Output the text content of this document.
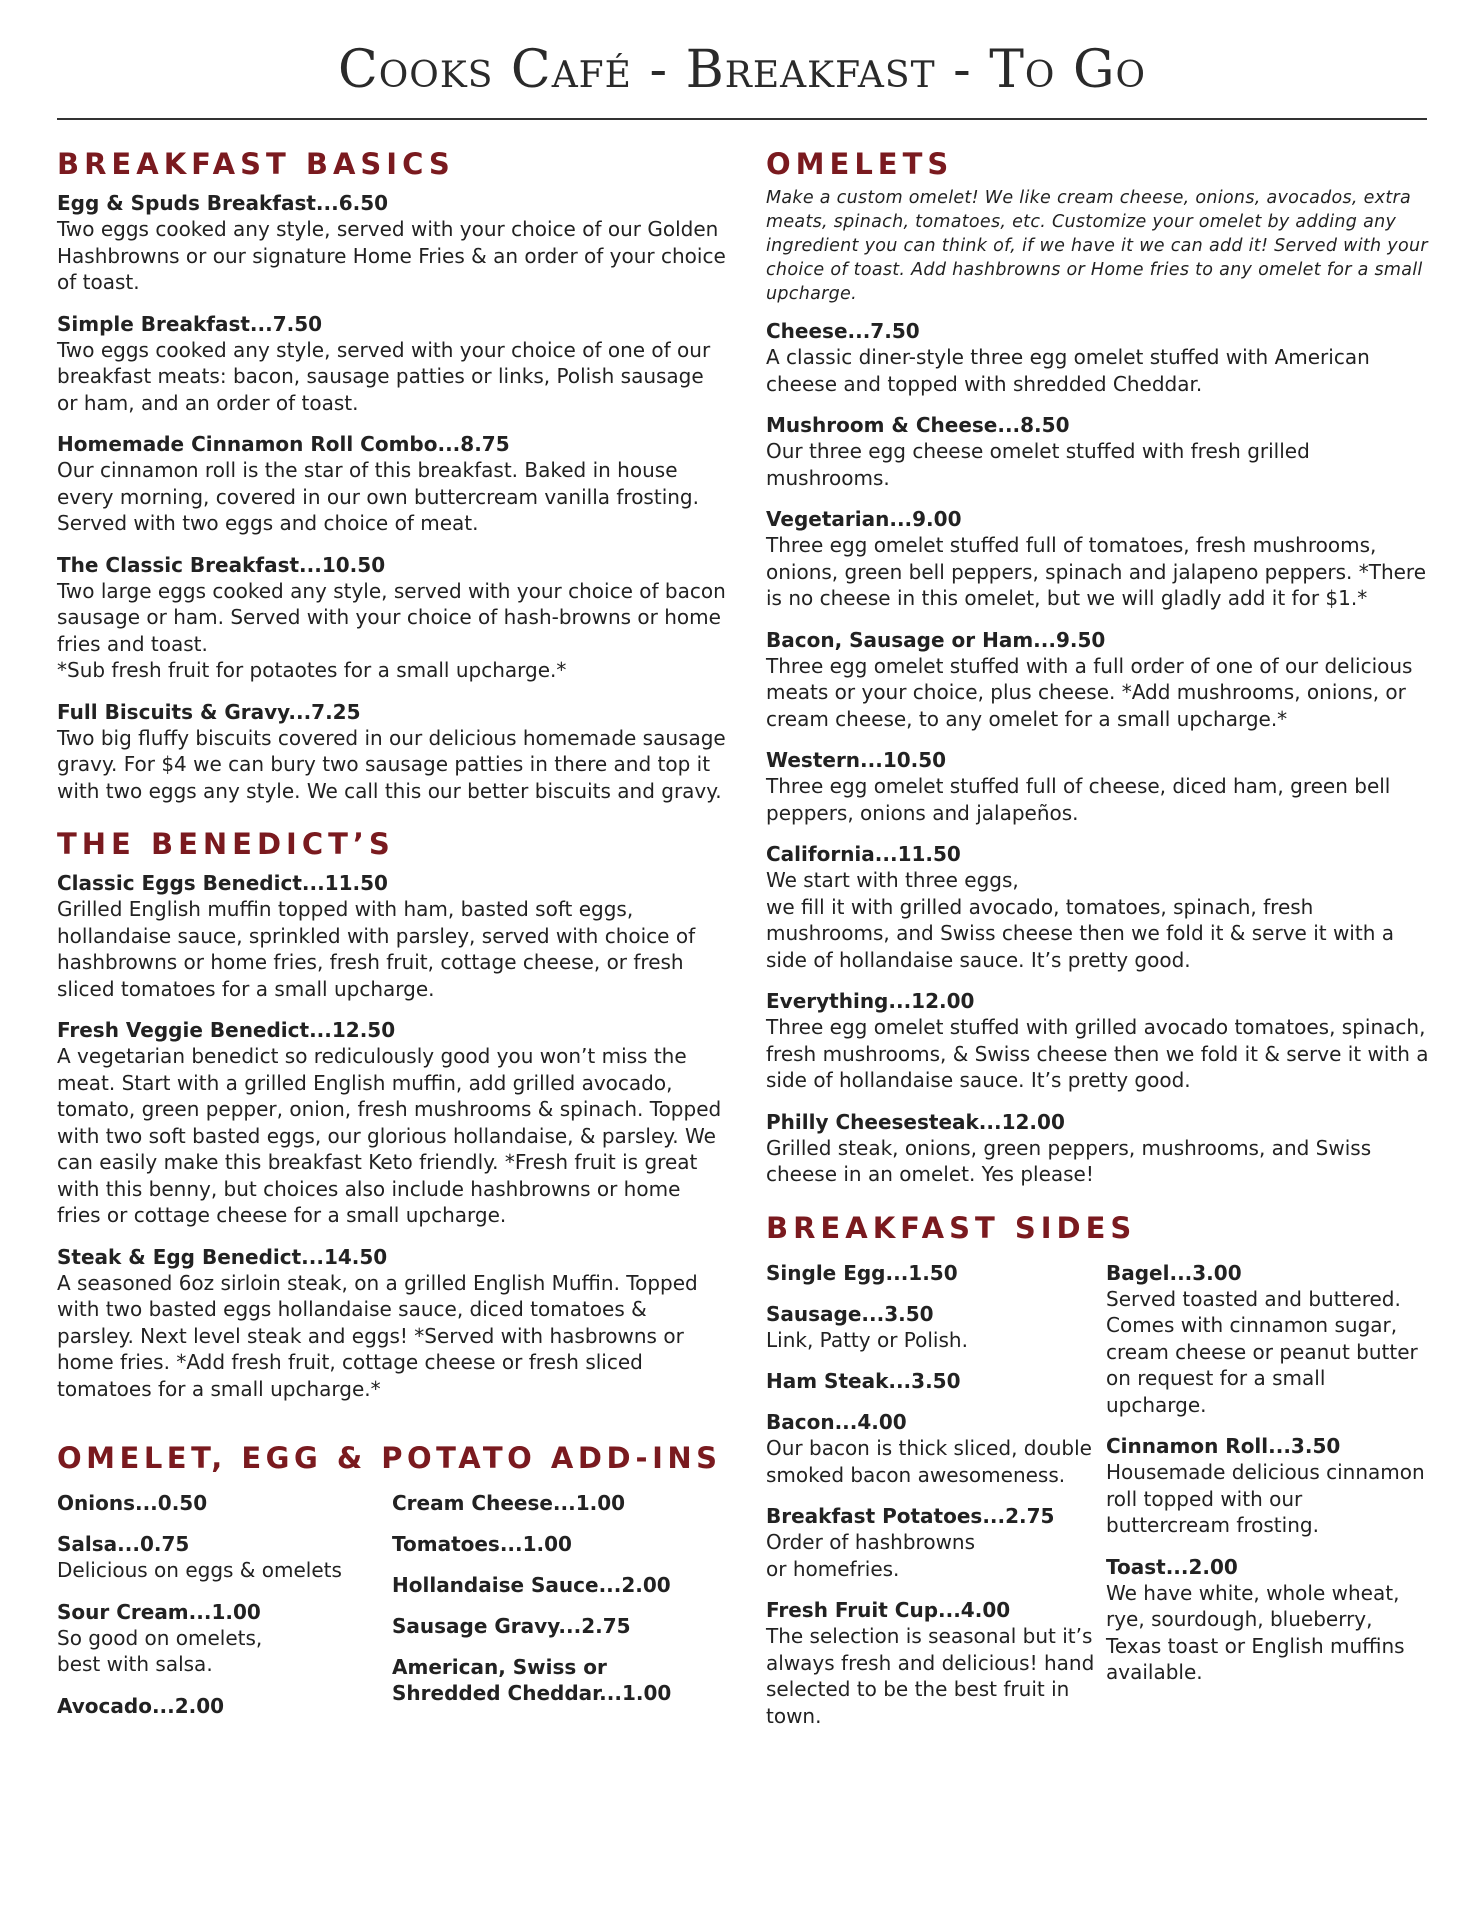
Cooks Café - Breakfast - To Go
BREAKFAST BASICS
Egg & Spuds Breakfast...6.50
Two eggs cooked any style, served with your choice of our Golden Hashbrowns or our signature Home Fries & an order of your choice of toast.
Simple Breakfast...7.50
Two eggs cooked any style, served with your choice of one of our breakfast meats: bacon, sausage patties or links, Polish sausage or ham, and an order of toast.
Homemade Cinnamon Roll Combo...8.75
Our cinnamon roll is the star of this breakfast. Baked in house every morning, covered in our own buttercream vanilla frosting. Served with two eggs and choice of meat.
The Classic Breakfast...10.50
Two large eggs cooked any style, served with your choice of bacon sausage or ham. Served with your choice of hash-browns or home fries and toast.
*Sub fresh fruit for potaotes for a small upcharge.*
Full Biscuits & Gravy...7.25
Two big fluffy biscuits covered in our delicious homemade sausage gravy. For $4 we can bury two sausage patties in there and top it with two eggs any style. We call this our better biscuits and gravy.
THE BENEDICT’S
Classic Eggs Benedict...11.50
Grilled English muffin topped with ham, basted soft eggs, hollandaise sauce, sprinkled with parsley, served with choice of hashbrowns or home fries, fresh fruit, cottage cheese, or fresh sliced tomatoes for a small upcharge.
Fresh Veggie Benedict...12.50
A vegetarian benedict so rediculously good you won’t miss the meat. Start with a grilled English muffin, add grilled avocado, tomato, green pepper, onion, fresh mushrooms & spinach. Topped with two soft basted eggs, our glorious hollandaise, & parsley. We can easily make this breakfast Keto friendly. *Fresh fruit is great with this benny, but choices also include hashbrowns or home fries or cottage cheese for a small upcharge.
Steak & Egg Benedict...14.50
A seasoned 6oz sirloin steak, on a grilled English Muffin. Topped with two basted eggs hollandaise sauce, diced tomatoes & parsley. Next level steak and eggs! *Served with hasbrowns or home fries. *Add fresh fruit, cottage cheese or fresh sliced tomatoes for a small upcharge.*
OMELET, EGG & POTATO ADD-INS
Onions...0.50
Salsa...0.75
Delicious on eggs & omelets
Sour Cream...1.00
So good on omelets,
best with salsa.
Avocado...2.00
Cream Cheese...1.00
Tomatoes...1.00
Hollandaise Sauce...2.00
Sausage Gravy...2.75
American, Swiss or
Shredded Cheddar...1.00
OMELETS
Make a custom omelet! We like cream cheese, onions, avocados, extra meats, spinach, tomatoes, etc. Customize your omelet by adding any ingredient you can think of, if we have it we can add it! Served with your choice of toast. Add hashbrowns or Home fries to any omelet for a small upcharge.
Cheese...7.50
A classic diner-style three egg omelet stuffed with American cheese and topped with shredded Cheddar.
Mushroom & Cheese...8.50
Our three egg cheese omelet stuffed with fresh grilled mushrooms.
Vegetarian...9.00
Three egg omelet stuffed full of tomatoes, fresh mushrooms, onions, green bell peppers, spinach and jalapeno peppers. *There is no cheese in this omelet, but we will gladly add it for $1.*
Bacon, Sausage or Ham...9.50
Three egg omelet stuffed with a full order of one of our delicious meats or your choice, plus cheese. *Add mushrooms, onions, or cream cheese, to any omelet for a small upcharge.*
Western...10.50
Three egg omelet stuffed full of cheese, diced ham, green bell peppers, onions and jalapeños.
California...11.50
We start with three eggs,
we fill it with grilled avocado, tomatoes, spinach, fresh mushrooms, and Swiss cheese then we fold it & serve it with a side of hollandaise sauce. It’s pretty good.
Everything...12.00
Three egg omelet stuffed with grilled avocado tomatoes, spinach, fresh mushrooms, & Swiss cheese then we fold it & serve it with a side of hollandaise sauce. It’s pretty good.
Philly Cheesesteak...12.00
Grilled steak, onions, green peppers, mushrooms, and Swiss cheese in an omelet. Yes please!
BREAKFAST SIDES
Single Egg...1.50
Sausage...3.50
Link, Patty or Polish.
Ham Steak...3.50
Bacon...4.00
Our bacon is thick sliced, double smoked bacon awesomeness.
Breakfast Potatoes...2.75
Order of hashbrowns
or homefries.
Fresh Fruit Cup...4.00
The selection is seasonal but it’s always fresh and delicious! hand selected to be the best fruit in town.
Bagel...3.00
Served toasted and buttered. Comes with cinnamon sugar, cream cheese or peanut butter on request for a small upcharge.
Cinnamon Roll...3.50
Housemade delicious cinnamon roll topped with our buttercream frosting.
Toast...2.00
We have white, whole wheat, rye, sourdough, blueberry, Texas toast or English muffins available.
